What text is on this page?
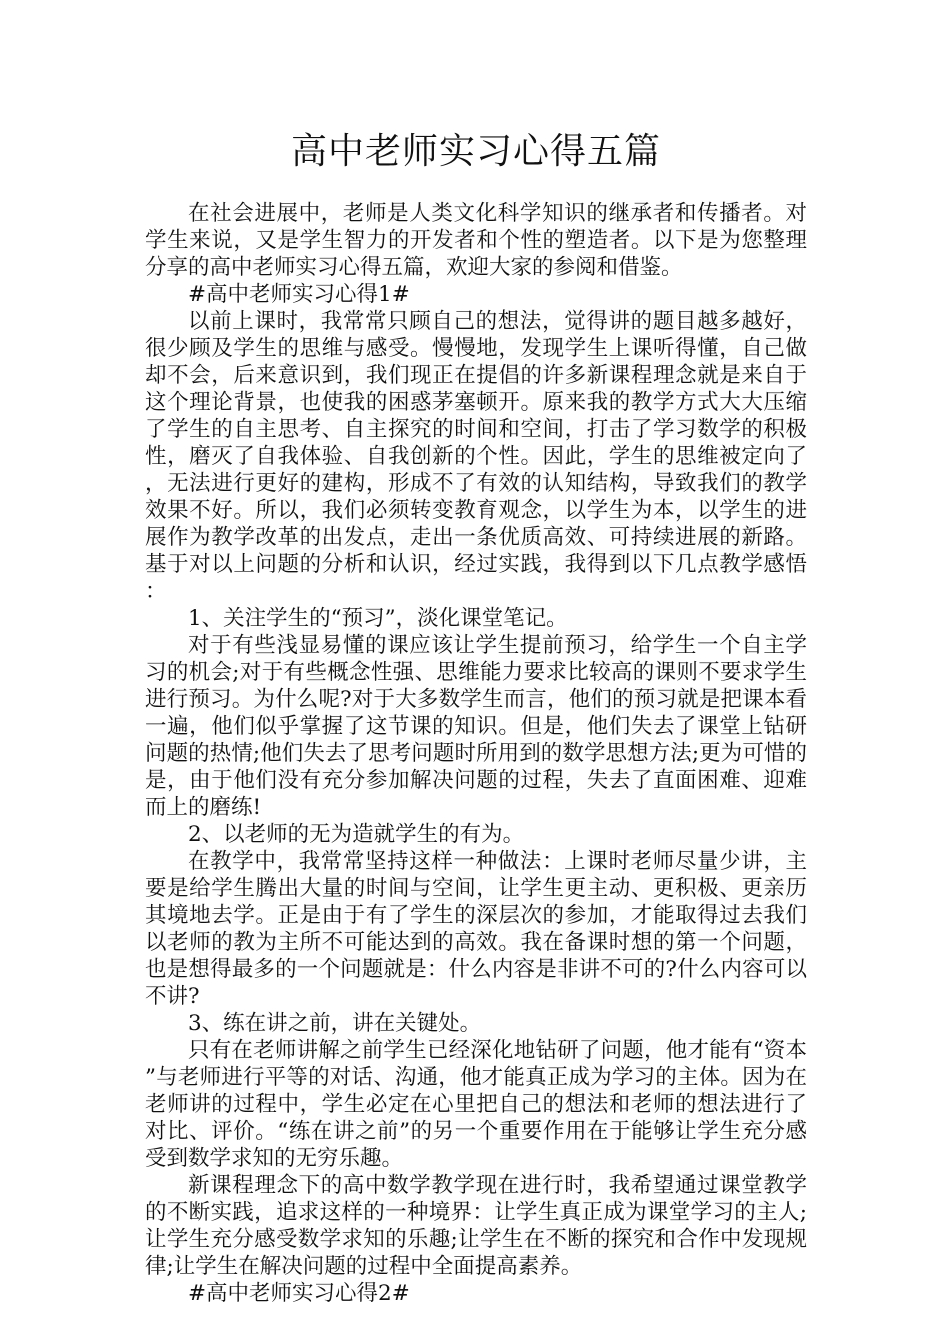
高中老师实习心得五篇

在社会进展中，老师是人类文化科学知识的继承者和传播者。对学生来说，又是学生智力的开发者和个性的塑造者。以下是为您整理分享的高中老师实习心得五篇，欢迎大家的参阅和借鉴。

#高中老师实习心得1#

以前上课时，我常常只顾自己的想法，觉得讲的题目越多越好，很少顾及学生的思维与感受。慢慢地，发现学生上课听得懂，自己做却不会，后来意识到，我们现正在提倡的许多新课程理念就是来自于这个理论背景，也使我的困惑茅塞顿开。原来我的教学方式大大压缩了学生的自主思考、自主探究的时间和空间，打击了学习数学的积极性，磨灭了自我体验、自我创新的个性。因此，学生的思维被定向了，无法进行更好的建构，形成不了有效的认知结构，导致我们的教学效果不好。所以，我们必须转变教育观念，以学生为本，以学生的进展作为教学改革的出发点，走出一条优质高效、可持续进展的新路。基于对以上问题的分析和认识，经过实践，我得到以下几点教学感悟：

1、关注学生的“预习”，淡化课堂笔记。

对于有些浅显易懂的课应该让学生提前预习，给学生一个自主学习的机会;对于有些概念性强、思维能力要求比较高的课则不要求学生进行预习。为什么呢?对于大多数学生而言，他们的预习就是把课本看一遍，他们似乎掌握了这节课的知识。但是，他们失去了课堂上钻研问题的热情;他们失去了思考问题时所用到的数学思想方法;更为可惜的是，由于他们没有充分参加解决问题的过程，失去了直面困难、迎难而上的磨练!

2、以老师的无为造就学生的有为。

在教学中，我常常坚持这样一种做法：上课时老师尽量少讲，主要是给学生腾出大量的时间与空间，让学生更主动、更积极、更亲历其境地去学。正是由于有了学生的深层次的参加，才能取得过去我们以老师的教为主所不可能达到的高效。我在备课时想的第一个问题，也是想得最多的一个问题就是：什么内容是非讲不可的?什么内容可以不讲?

3、练在讲之前，讲在关键处。

只有在老师讲解之前学生已经深化地钻研了问题，他才能有“资本”与老师进行平等的对话、沟通，他才能真正成为学习的主体。因为在老师讲的过程中，学生必定在心里把自己的想法和老师的想法进行了对比、评价。“练在讲之前”的另一个重要作用在于能够让学生充分感受到数学求知的无穷乐趣。

新课程理念下的高中数学教学现在进行时，我希望通过课堂教学的不断实践，追求这样的一种境界：让学生真正成为课堂学习的主人;让学生充分感受数学求知的乐趣;让学生在不断的探究和合作中发现规律;让学生在解决问题的过程中全面提高素养。

#高中老师实习心得2#
